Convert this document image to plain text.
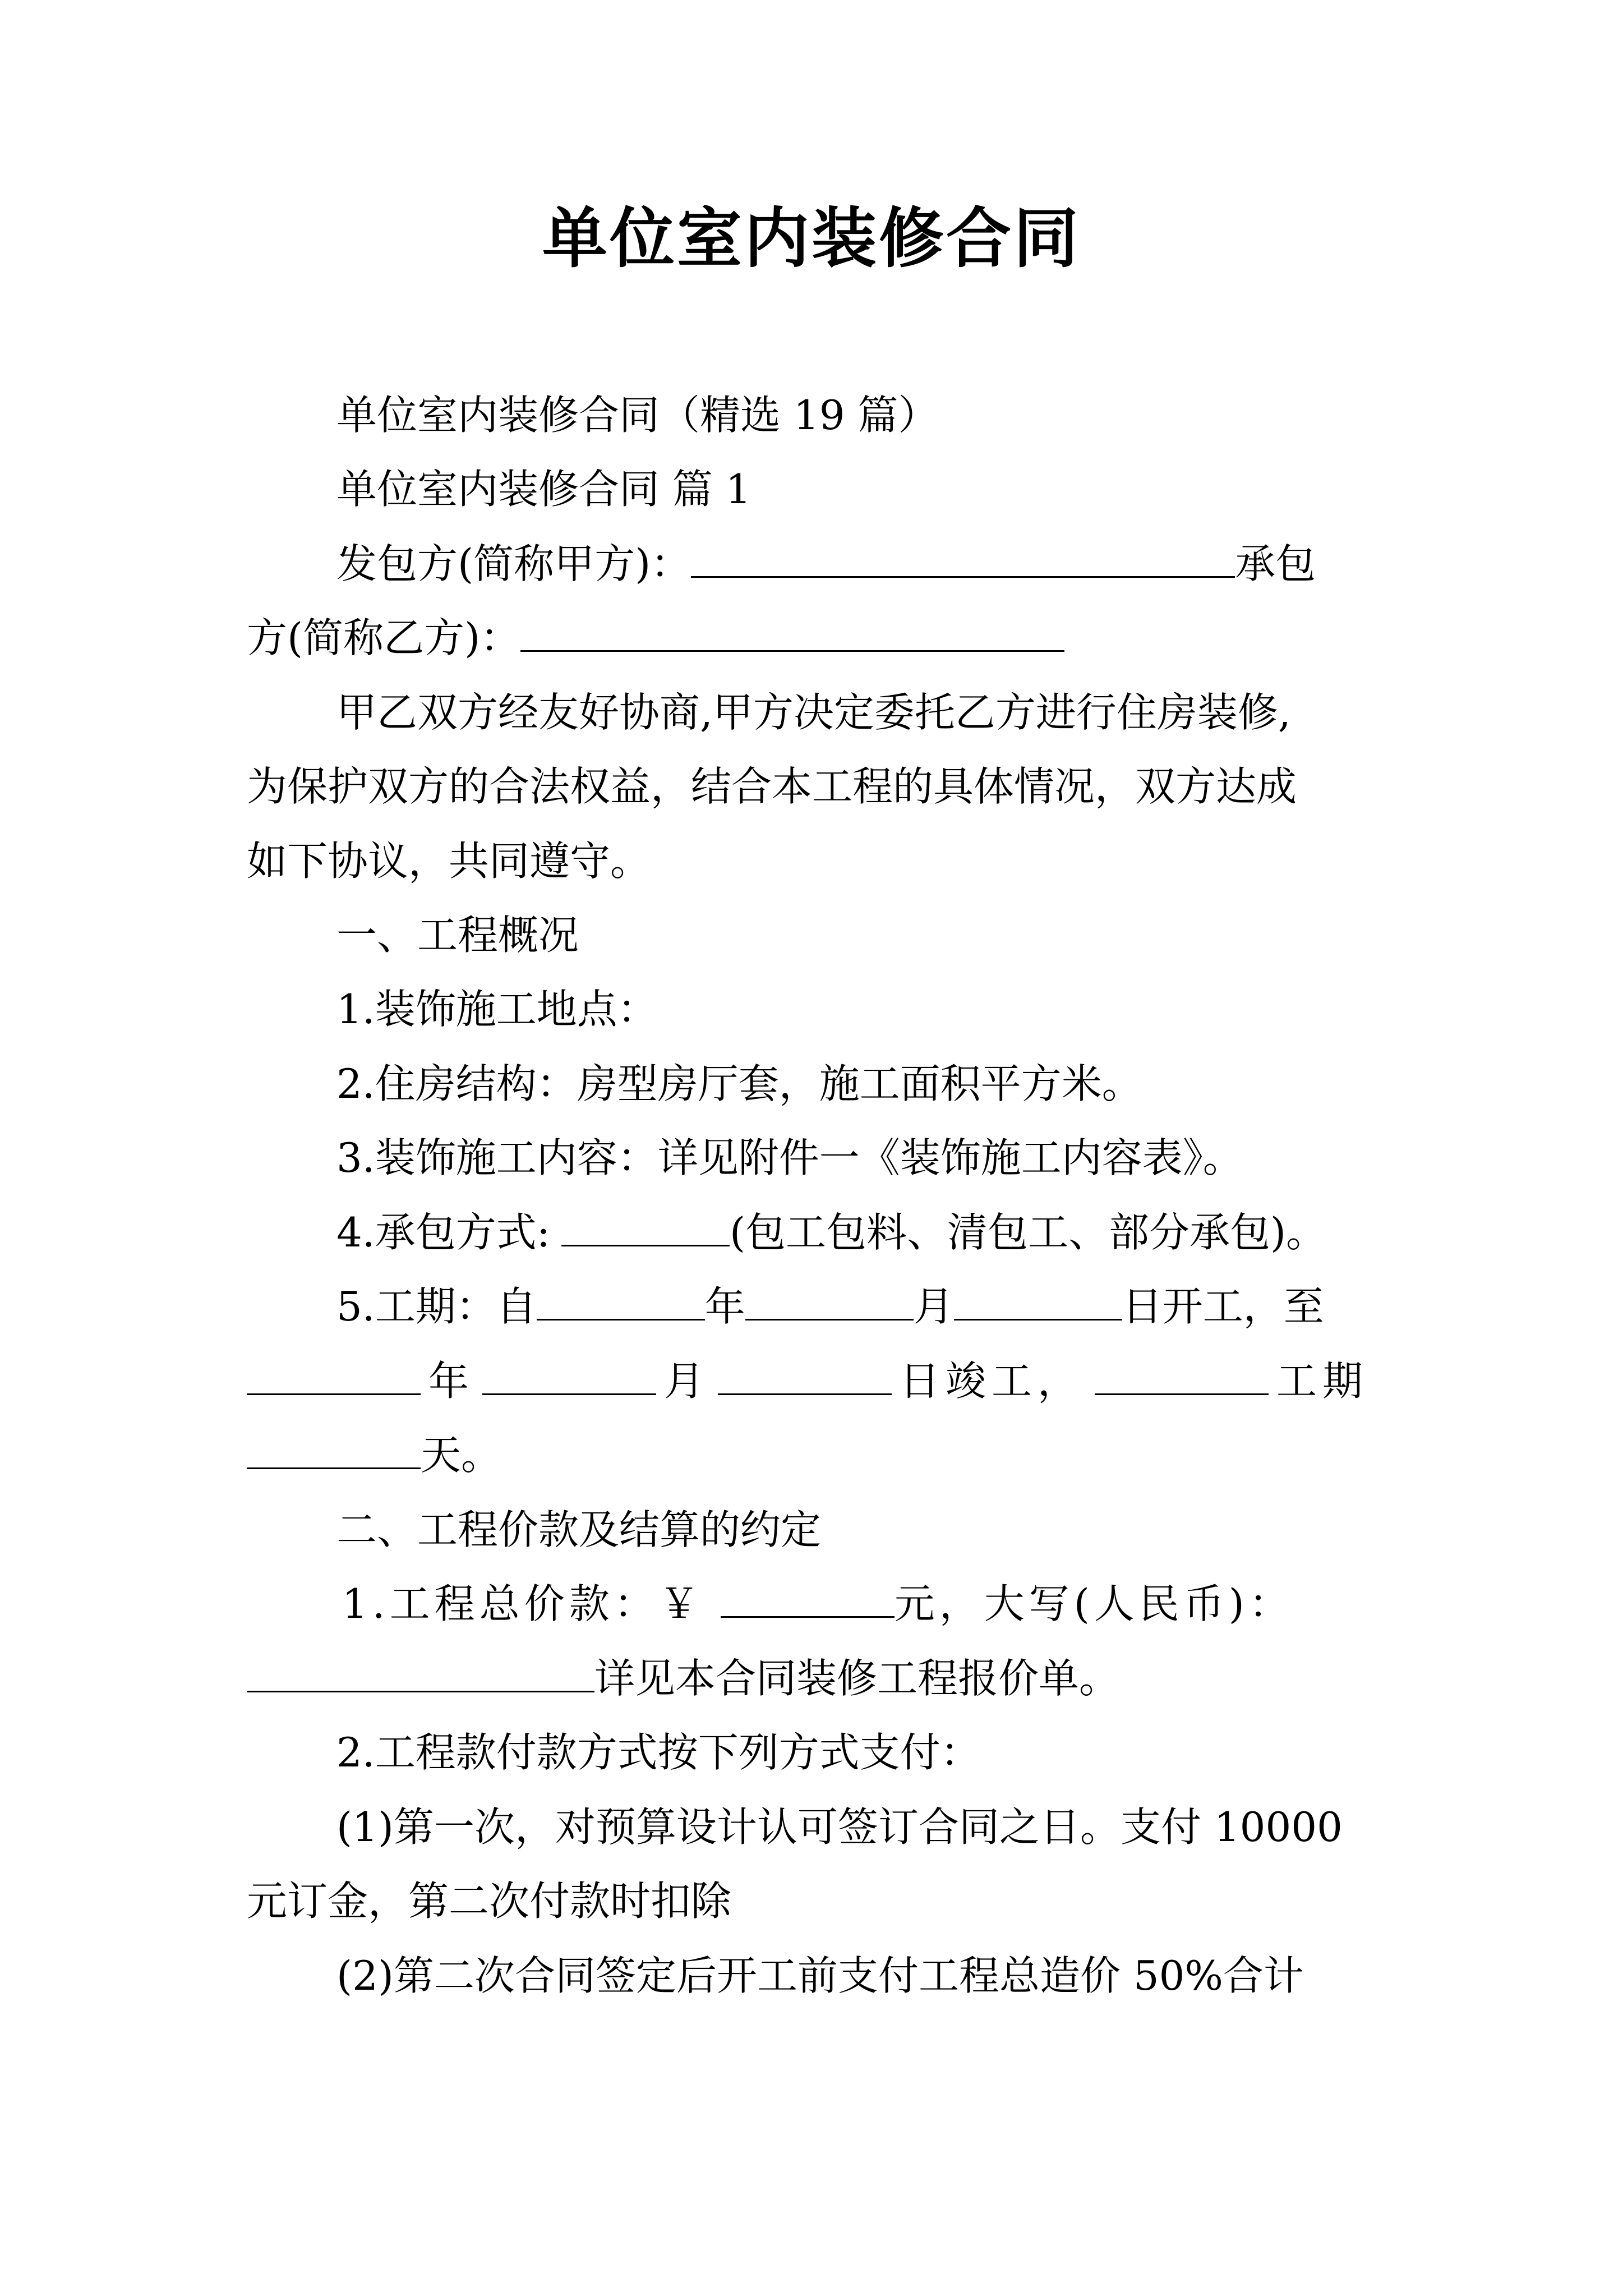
单位室内装修合同
单位室内装修合同（精选 19 篇）
单位室内装修合同 篇 1
发包方(简称甲方)：	承包
方(简称乙方)：
甲乙双方经友好协商,甲方决定委托乙方进行住房装修,
为保护双方的合法权益，结合本工程的具体情况，双方达成
如下协议，共同遵守。
一、工程概况
1.装饰施工地点：
2.住房结构：房型房厅套，施工面积平方米。
3.装饰施工内容：详见附件一《装饰施工内容表》。
4.承包方式:	(包工包料、清包工、部分承包)。
5.工期：自	年	月	日开工，至
年	月	日竣工，	工期
天。
二、工程价款及结算的约定
1.工程总价款：￥	元，大写(人民币)：
详见本合同装修工程报价单。
2.工程款付款方式按下列方式支付：
(1)第一次，对预算设计认可签订合同之日。支付 10000
元订金，第二次付款时扣除
(2)第二次合同签定后开工前支付工程总造价 50%合计
